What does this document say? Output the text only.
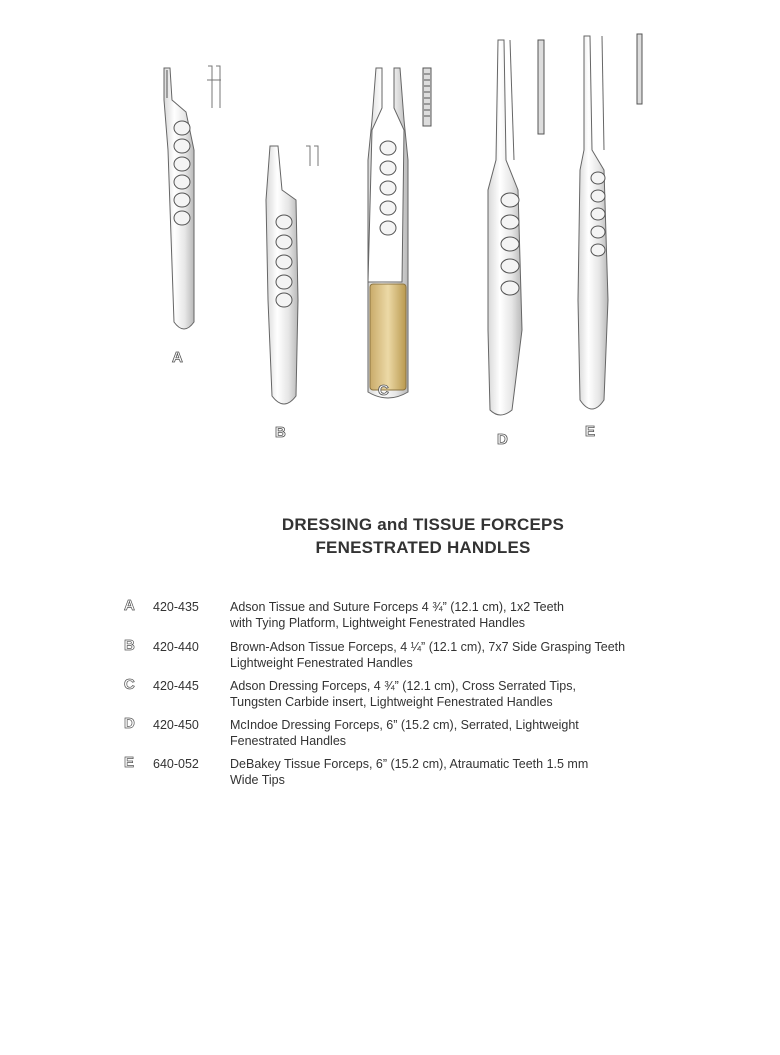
A
B
C
D	E
DRESSING and TISSUE FORCEPS
FENESTRATED HANDLES
A 420-435 Adson Tissue and Suture Forceps 4 ¾” (12.1 cm), 1x2 Teeth
with Tying Platform, Lightweight Fenestrated Handles
B 420-440 Brown-Adson Tissue Forceps, 4 ¼” (12.1 cm), 7x7 Side Grasping Teeth
Lightweight Fenestrated Handles
C 420-445 Adson Dressing Forceps, 4 ¾” (12.1 cm), Cross Serrated Tips,
Tungsten Carbide insert, Lightweight Fenestrated Handles
D 420-450 McIndoe Dressing Forceps, 6” (15.2 cm), Serrated, Lightweight
Fenestrated Handles
E 640-052 DeBakey Tissue Forceps, 6” (15.2 cm), Atraumatic Teeth 1.5 mm
Wide Tips
